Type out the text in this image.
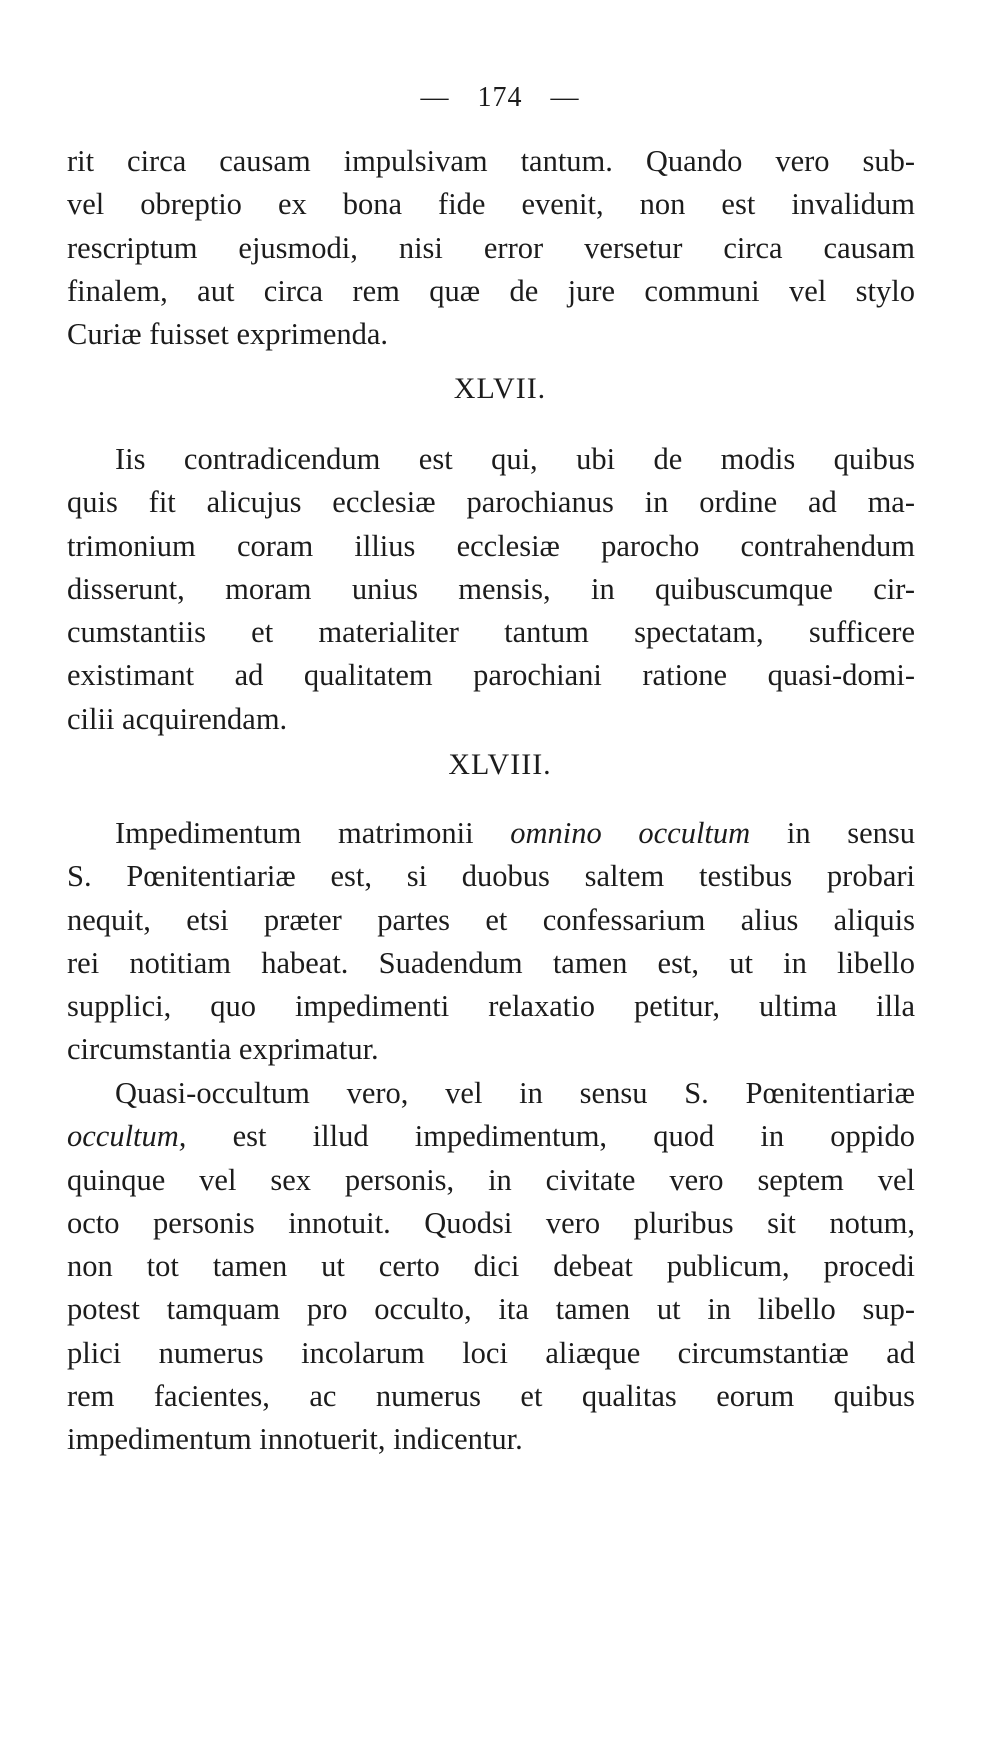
— 174 —
rit circa causam impulsivam tantum. Quando vero sub-
vel obreptio ex bona fide evenit, non est invalidum
rescriptum ejusmodi, nisi error versetur circa causam
finalem, aut circa rem quæ de jure communi vel stylo
Curiæ fuisset exprimenda.
XLVII.
Iis contradicendum est qui, ubi de modis quibus
quis fit alicujus ecclesiæ parochianus in ordine ad ma-
trimonium coram illius ecclesiæ parocho contrahendum
disserunt, moram unius mensis, in quibuscumque cir-
cumstantiis et materialiter tantum spectatam, sufficere
existimant ad qualitatem parochiani ratione quasi-domi-
cilii acquirendam.
XLVIII.
Impedimentum matrimonii omnino occultum in sensu
S. Pœnitentiariæ est, si duobus saltem testibus probari
nequit, etsi præter partes et confessarium alius aliquis
rei notitiam habeat. Suadendum tamen est, ut in libello
supplici, quo impedimenti relaxatio petitur, ultima illa
circumstantia exprimatur.
Quasi-occultum vero, vel in sensu S. Pœnitentiariæ
occultum, est illud impedimentum, quod in oppido
quinque vel sex personis, in civitate vero septem vel
octo personis innotuit. Quodsi vero pluribus sit notum,
non tot tamen ut certo dici debeat publicum, procedi
potest tamquam pro occulto, ita tamen ut in libello sup-
plici numerus incolarum loci aliæque circumstantiæ ad
rem facientes, ac numerus et qualitas eorum quibus
impedimentum innotuerit, indicentur.
